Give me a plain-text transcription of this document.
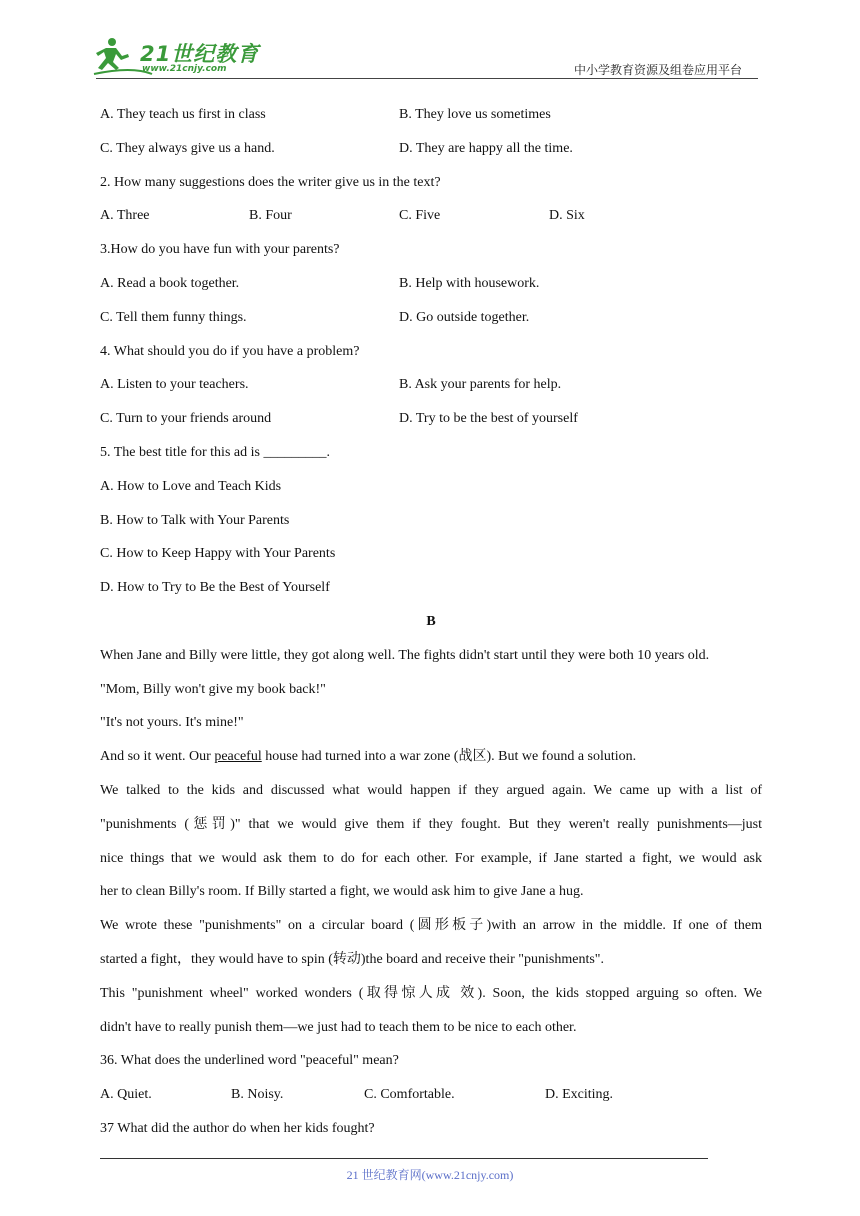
21世纪教育
www.21cnjy.com	中小学教育资源及组卷应用平台
A. They teach us first in class	B. They love us sometimes
C. They always give us a hand.	D. They are happy all the time.
2. How many suggestions does the writer give us in the text?
A. Three	B. Four	C. Five	D. Six
3.How do you have fun with your parents?
A. Read a book together.	B. Help with housework.
C. Tell them funny things.	D. Go outside together.
4. What should you do if you have a problem?
A. Listen to your teachers.	B. Ask your parents for help.
C. Turn to your friends around	D. Try to be the best of yourself
5. The best title for this ad is _________.
A. How to Love and Teach Kids
B. How to Talk with Your Parents
C. How to Keep Happy with Your Parents
D. How to Try to Be the Best of Yourself
B
When Jane and Billy were little, they got along well. The fights didn't start until they were both 10 years old.
"Mom, Billy won't give my book back!"
"It's not yours. It's mine!"
And so it went. Our peaceful house had turned into a war zone (战区). But we found a solution.
We talked to the kids and discussed what would happen if they argued again. We came up with a list of
"punishments (惩罚)" that we would give them if they fought. But they weren't really punishments—just
nice things that we would ask them to do for each other. For example, if Jane started a fight, we would ask
her to clean Billy's room. If Billy started a fight, we would ask him to give Jane a hug.
We wrote these "punishments" on a circular board (圆形板子)with an arrow in the middle. If one of them
started a fight，they would have to spin (转动)the board and receive their "punishments".
This "punishment wheel" worked wonders (取得惊人成 效). Soon, the kids stopped arguing so often. We
didn't have to really punish them—we just had to teach them to be nice to each other.
36. What does the underlined word "peaceful" mean?
A. Quiet.	B. Noisy.	C. Comfortable.	D. Exciting.
37 What did the author do when her kids fought?
21 世纪教育网(www.21cnjy.com)
